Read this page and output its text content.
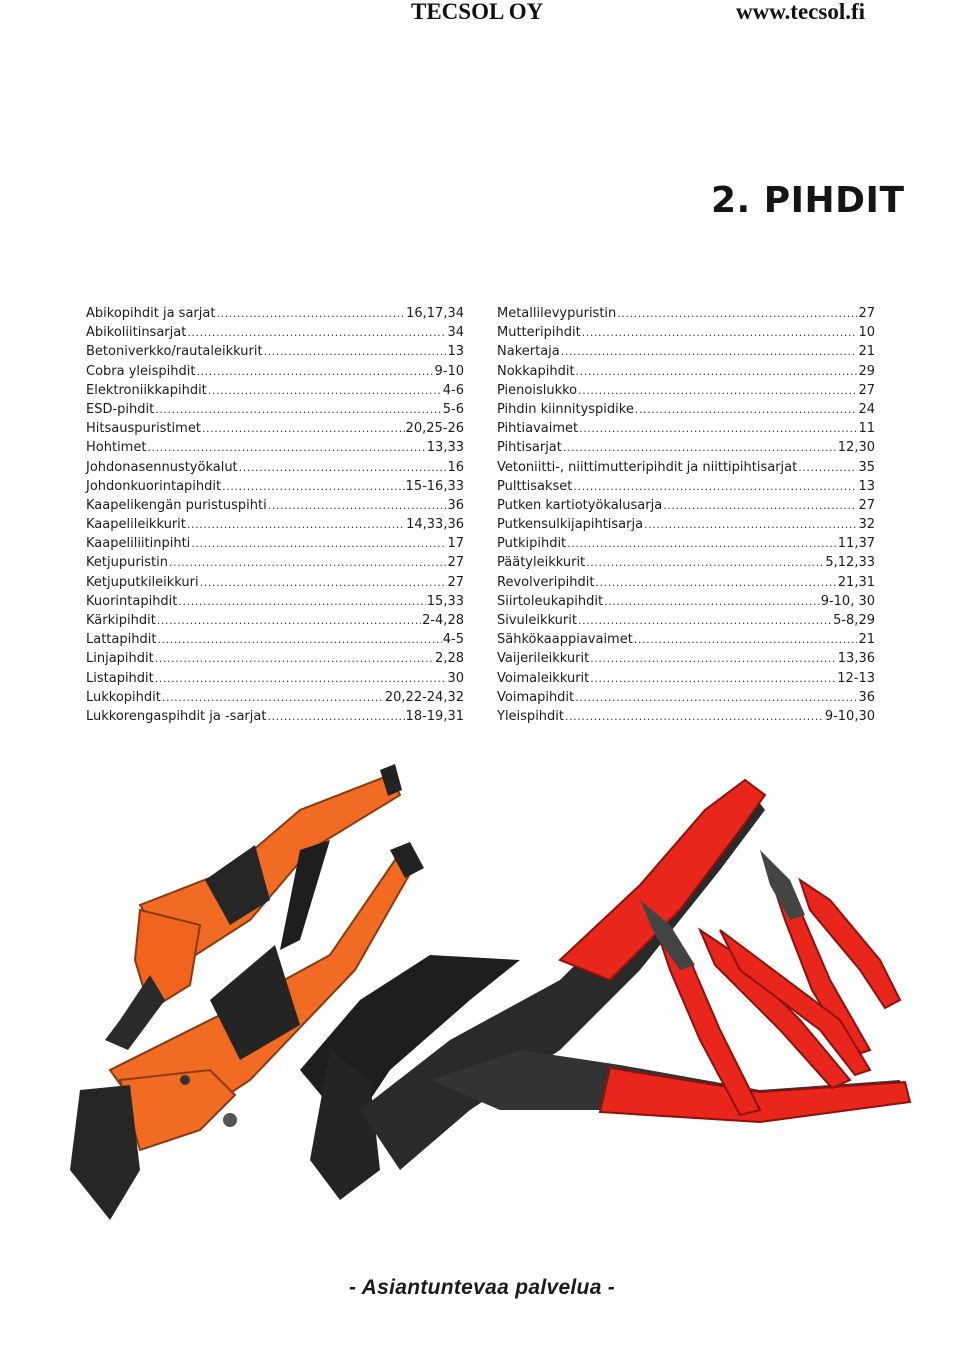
TECSOL OY	www.tecsol.fi
2. PIHDIT
Abikopihdit ja sarjat .....	16,17,34
Abikoliitinsarjat .....	34
Betoniverkko/rautaleikkurit .....	13
Cobra yleispihdit .....	9-10
Elektroniikkapihdit .....	4-6
ESD-pihdit .....	5-6
Hitsauspuristimet .....	20,25-26
Hohtimet .....	13,33
Johdonasennustyökalut .....	16
Johdonkuorintapihdit .....	15-16,33
Kaapelikengän puristuspihti .....	36
Kaapelileikkurit .....	14,33,36
Kaapeliliitinpihti .....	17
Ketjupuristin .....	27
Ketjuputkileikkuri .....	27
Kuorintapihdit .....	15,33
Kärkipihdit .....	2-4,28
Lattapihdit .....	4-5
Linjapihdit .....	2,28
Listapihdit .....	30
Lukkopihdit .....	20,22-24,32
Lukkorengaspihdit ja -sarjat .....	18-19,31
Metallilevypuristin .....	27
Mutteripihdit .....	10
Nakertaja .....	21
Nokkapihdit .....	29
Pienoislukko .....	27
Pihdin kiinnityspidike .....	24
Pihtiavaimet .....	11
Pihtisarjat .....	12,30
Vetoniitti-, niittimutteripihdit ja niittipihtisarjat .....	35
Pulttisakset .....	13
Putken kartiotyökalusarja .....	27
Putkensulkijapihtisarja .....	32
Putkipihdit .....	11,37
Päätyleikkurit .....	5,12,33
Revolveripihdit .....	21,31
Siirtoleukapihdit .....	9-10, 30
Sivuleikkurit .....	5-8,29
Sähkökaappiavaimet .....	21
Vaijerileikkurit .....	13,36
Voimaleikkurit .....	12-13
Voimapihdit .....	36
Yleispihdit .....	9-10,30
- Asiantuntevaa palvelua -
